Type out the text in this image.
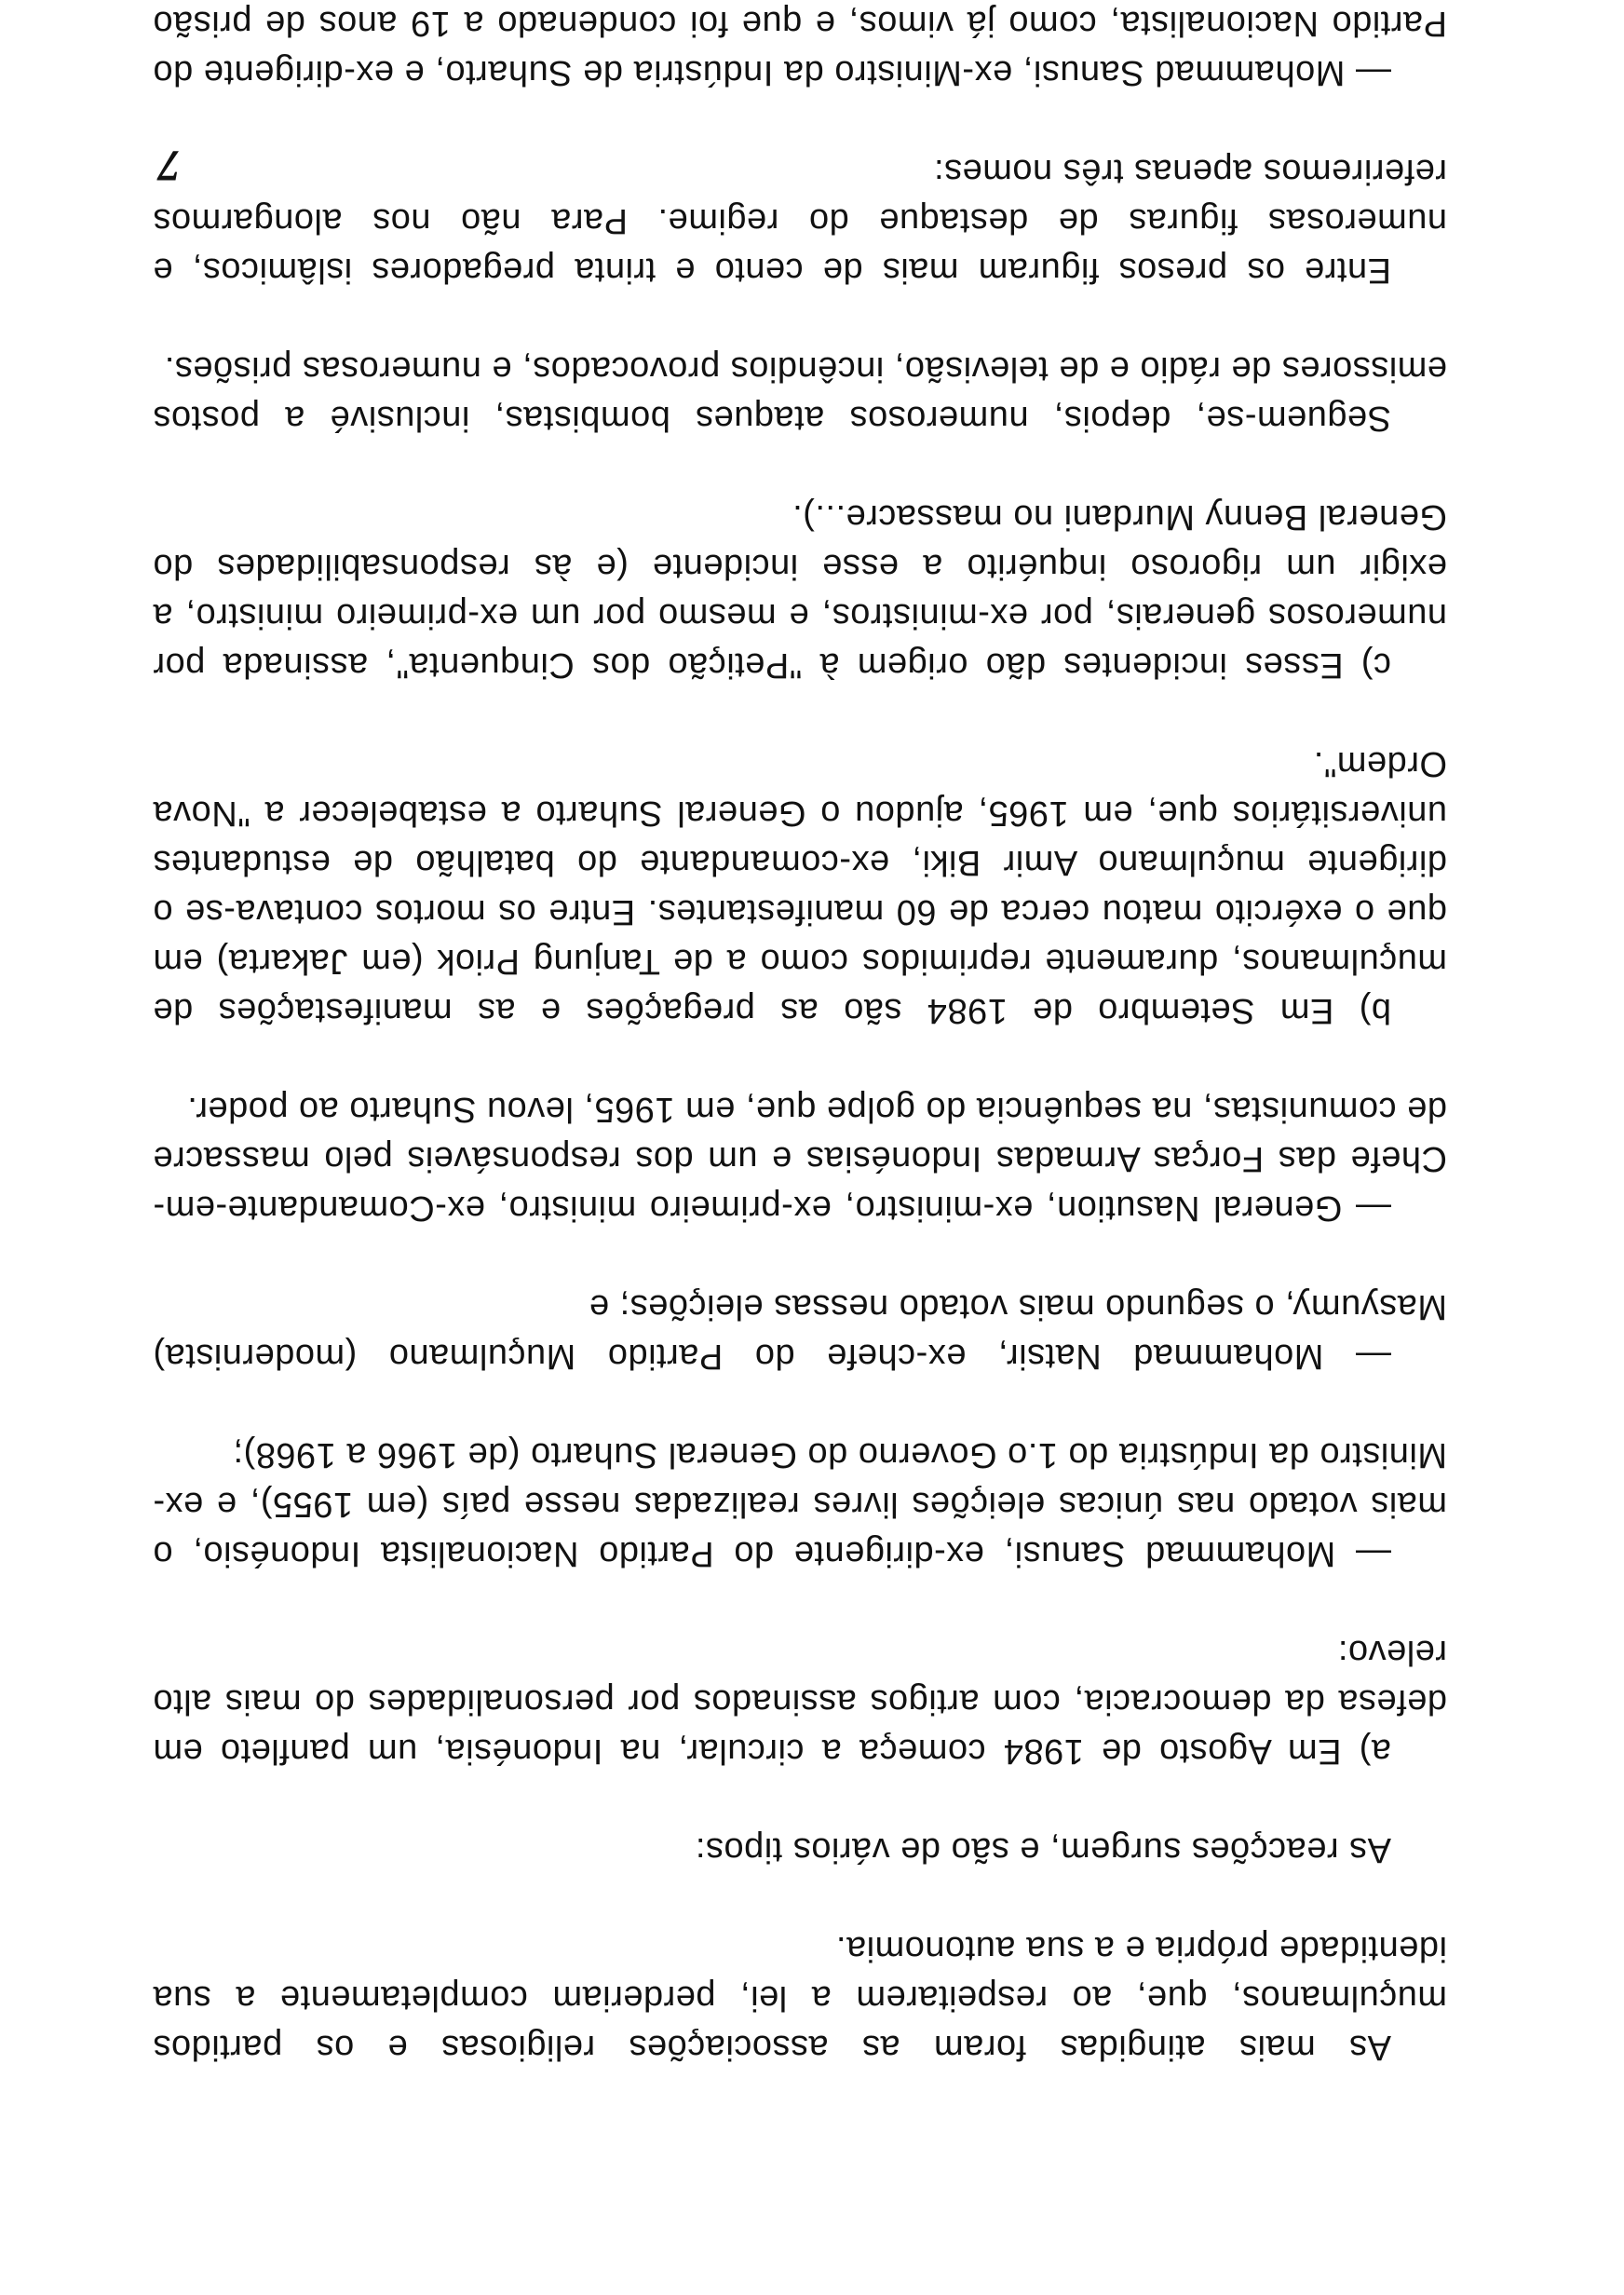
As mais atingidas foram as associações religiosas e os partidos muçulmanos, que, ao respeitarem a lei, perderiam completamente a sua identidade própria e a sua autonomia.

As reacções surgem, e são de vários tipos:

a) Em Agosto de 1984 começa a circular, na Indonésia, um panfleto em defesa da democracia, com artigos assinados por personalidades do mais alto relevo:

— Mohammad Sanusi, ex-dirigente do Partido Nacionalista Indonésio, o mais votado nas únicas eleições livres realizadas nesse país (em 1955), e ex-Ministro da Indústria do 1.o Governo do General Suharto (de 1966 a 1968);

— Mohammad Natsir, ex-chefe do Partido Muçulmano (modernista) Masyumy, o segundo mais votado nessas eleições; e

— General Nasution, ex-ministro, ex-primeiro ministro, ex-Comandante-em-Chefe das Forças Armadas Indonésias e um dos responsáveis pelo massacre de comunistas, na sequência do golpe que, em 1965, levou Suharto ao poder.

b) Em Setembro de 1984 são as pregações e as manifestações de muçulmanos, duramente reprimidos como a de Tanjung Priok (em Jakarta) em que o exército matou cerca de 60 manifestantes. Entre os mortos contava-se o dirigente muçulmano Amir Biki, ex-comandante do batalhão de estudantes universitários que, em 1965, ajudou o General Suharto a estabelecer a "Nova Ordem".

c) Esses incidentes dão origem à "Petição dos Cinquenta", assinada por numerosos generais, por ex-ministros, e mesmo por um ex-primeiro ministro, a exigir um rigoroso inquérito a esse incidente (e às responsabilidades do General Benny Murdani no massacre...).

Seguem-se, depois, numerosos ataques bombistas, inclusivé a postos emissores de rádio e de televisão, incêndios provocados, e numerosas prisões.

Entre os presos figuram mais de cento e trinta pregadores islâmicos, e numerosas figuras de destaque do regime. Para não nos alongarmos referiremos apenas três nomes:

— Mohammad Sanusi, ex-Ministro da Indústria de Suharto, e ex-dirigente do Partido Nacionalista, como já vimos, e que foi condenado a 19 anos de prisão

7
